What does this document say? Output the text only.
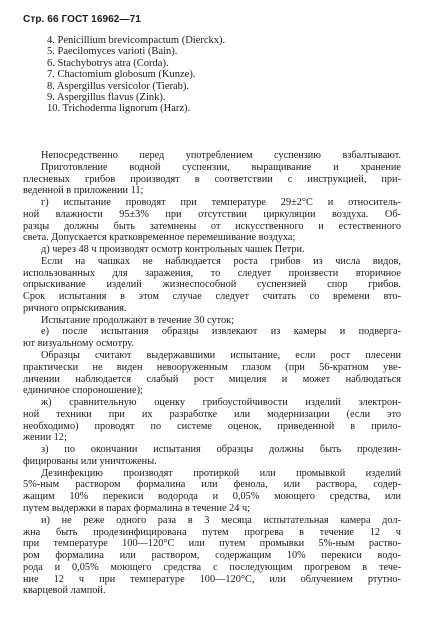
Стр. 66 ГОСТ 16962—71
4. Penicillium brevicompactum (Dierckx).
5. Paecilomyces varioti (Bain).
6. Stachybotrys atra (Corda).
7. Chactomium globosum (Kunze).
8. Aspergillus versicolor (Tierab).
9. Aspergillus flavus (Zink).
10. Trichoderma lignorum (Harz).
Непосредственно перед употреблением суспензию взбалтывают.
Приготовление водной суспензии, выращивание и хранение
плесневых грибов производят в соответствии с инструкцией, при-
веденной в приложении 11;
г) испытание проводят при температуре 29±2°C и относитель-
ной влажности 95±3% при отсутствии циркуляции воздуха. Об-
разцы должны быть затемнены от искусственного и естественного
света. Допускается кратковременное перемешивание воздуха;
д) через 48 ч производят осмотр контрольных чашек Петри.
Если на чашках не наблюдается роста грибов из числа видов,
использованных для заражения, то следует произвести вторичное
опрыскивание изделий жизнеспособной суспензией спор грибов.
Срок испытания в этом случае следует считать со времени вто-
ричного опрыскивания.
Испытание продолжают в течение 30 суток;
е) после испытания образцы извлекают из камеры и подверга-
ют визуальному осмотру.
Образцы считают выдержавшими испытание, если рост плесени
практически не виден невооруженным глазом (при 56-кратном уве-
личении наблюдается слабый рост мицелия и может наблюдаться
единичное спороношение);
ж) сравнительную оценку грибоустойчивости изделий электрон-
ной техники при их разработке или модернизации (если это
необходимо) проводят по системе оценок, приведенной в прило-
жении 12;
з) по окончании испытания образцы должны быть продезин-
фицированы или уничтожены.
Дезинфекцию производят протиркой или промывкой изделий
5%-ным раствором формалина или фенола, или раствора, содер-
жащим 10% перекиси водорода и 0,05% моющего средства, или
путем выдержки в парах формалина в течение 24 ч;
и) не реже одного раза в 3 месяца испытательная камера дол-
жна быть продезинфицирована путем прогрева в течение 12 ч
при температуре 100—120°C или путем промывки 5%-ным раство-
ром формалина или раствором, содержащим 10% перекиси водо-
рода и 0,05% моющего средства с последующим прогревом в тече-
ние 12 ч при температуре 100—120°C, или облучением ртутно-
кварцевой лампой.
